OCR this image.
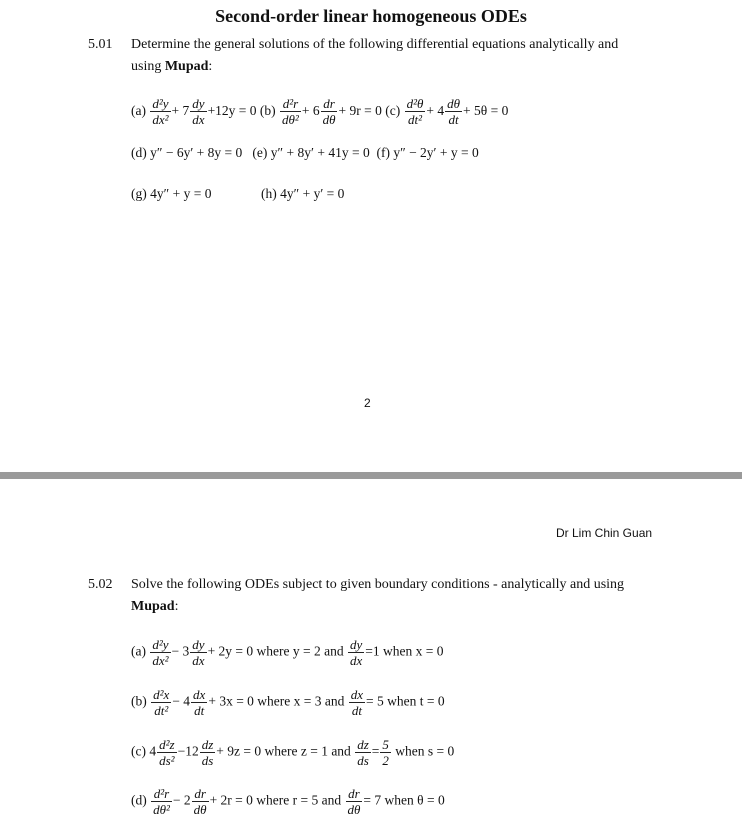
Second-order linear homogeneous ODEs
5.01 Determine the general solutions of the following differential equations analytically and
using Mupad:
$(a) \frac{\text{d²y}}{\text{dx²}} + 7 \frac{dy}{dx} +12y = 0$ $(b) \frac{\text{d²r}}{\text{dθ²}} + 6 \frac{dr}{d\theta} + 9r = 0$ $(c) \frac{\text{d²θ}}{\text{dt²}} + 4 \frac{d\theta}{dt} + 5\theta = 0$
(d) y″ − 6y′ + 8y = 0 (e) y″ + 8y′ + 41y = 0 (f) y″ − 2y′ + y = 0
(g) 4y″ + y = 0	(h) 4y″ + y′ = 0
2
Dr Lim Chin Guan
5.02 Solve the following ODEs subject to given boundary conditions - analytically and using
Mupad:
$(a) \frac{\text{d²y}}{\text{dx²}} - 3 \frac{dy}{dx} + 2y = 0$ where y = 2 and $\frac{dy}{dx} =1$ when x = 0
$(b) \frac{\text{d²x}}{\text{dt²}} - 4 \frac{dx}{dt} + 3x = 0$ where x = 3 and $\frac{dx}{dt} = 5$ when t = 0
(c) $4 \frac{\text{d²z}}{\text{ds²}} -12 \frac{dz}{ds} + 9z = 0$ where z = 1 and $\frac{dz}{ds} = \frac{5}{2}$ when s = 0
$(d) \frac{\text{d²r}}{\text{dθ²}} - 2 \frac{dr}{d\theta} + 2r = 0$ where r = 5 and $\frac{dr}{d\theta} = 7$ when θ = 0
